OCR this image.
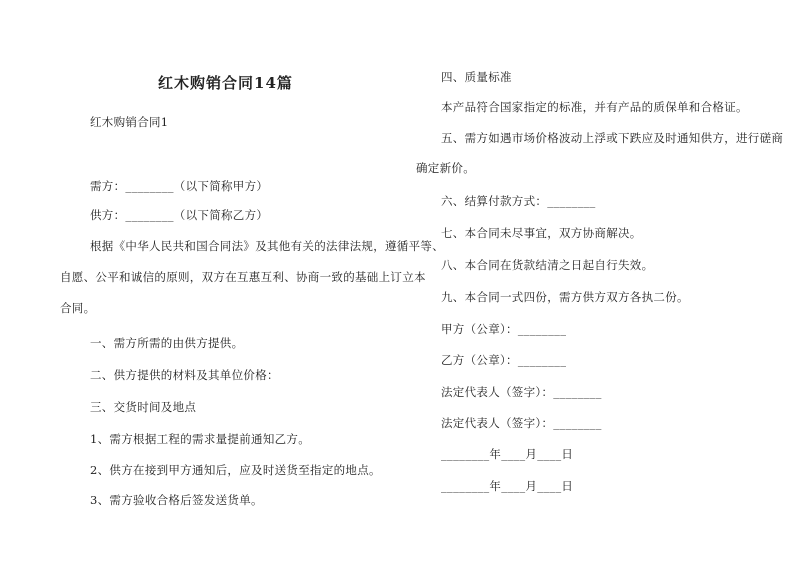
红木购销合同14篇
红木购销合同1
需方：________（以下简称甲方）
供方：________（以下简称乙方）
根据《中华人民共和国合同法》及其他有关的法律法规，遵循平等、
自愿、公平和诚信的原则，双方在互惠互利、协商一致的基础上订立本
合同。
一、需方所需的由供方提供。
二、供方提供的材料及其单位价格：
三、交货时间及地点
1、需方根据工程的需求量提前通知乙方。
2、供方在接到甲方通知后，应及时送货至指定的地点。
3、需方验收合格后签发送货单。
四、质量标准
本产品符合国家指定的标准，并有产品的质保单和合格证。
五、需方如遇市场价格波动上浮或下跌应及时通知供方，进行磋商
确定新价。
六、结算付款方式：________
七、本合同未尽事宜，双方协商解决。
八、本合同在货款结清之日起自行失效。
九、本合同一式四份，需方供方双方各执二份。
甲方（公章）：________
乙方（公章）：________
法定代表人（签字）：________
法定代表人（签字）：________
________年____月____日
________年____月____日
